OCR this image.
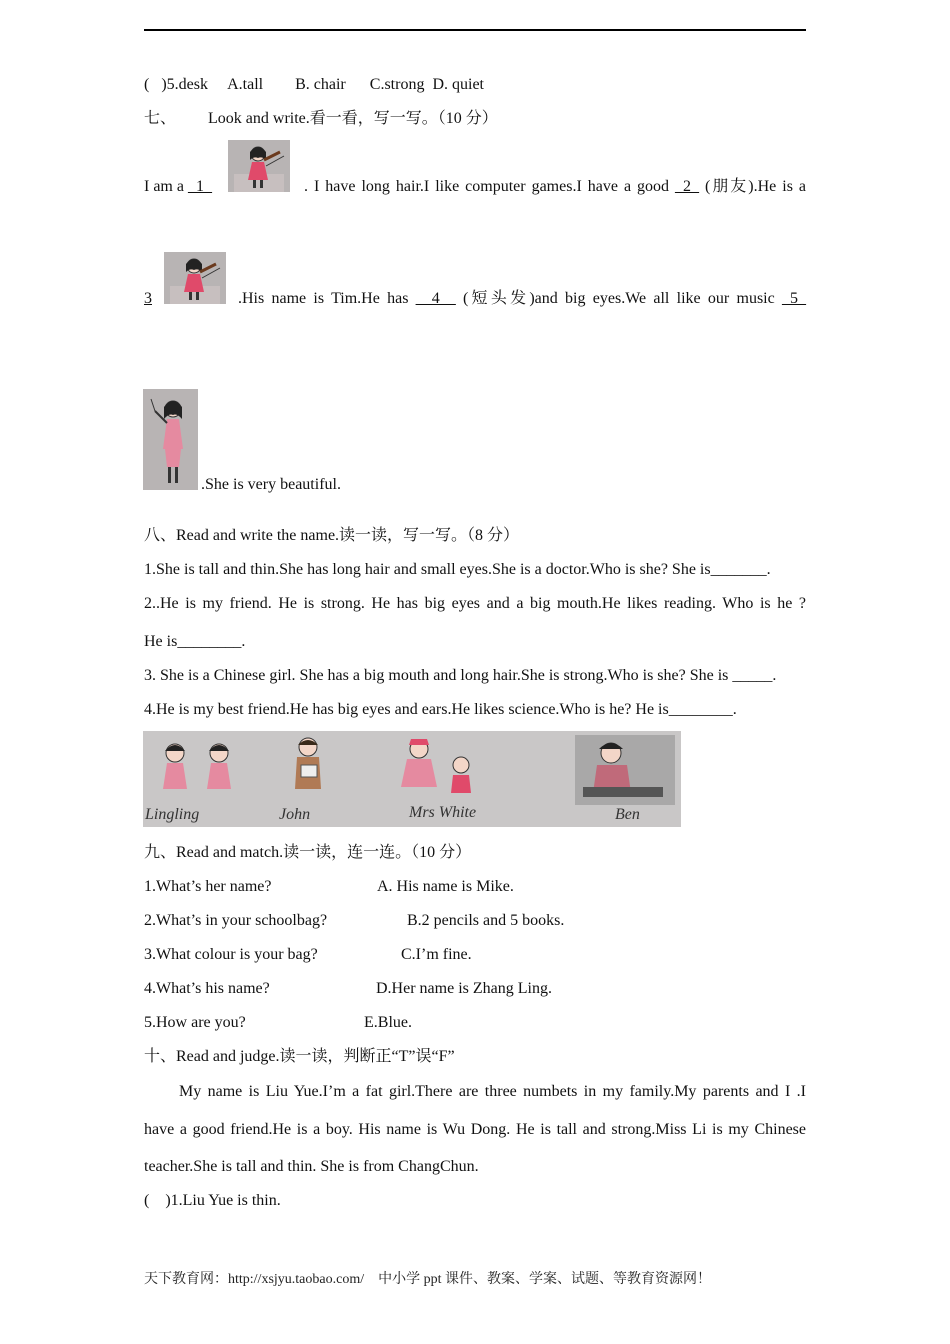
( )5.desk A.tall B. chair C.strong D. quiet
七、 Look and write.看一看，写一写。（10 分）
I am a _1_	. I have long hair.I like computer games.I have a good _2_ (朋友).He is a
3	.His name is Tim.He has __4__ (短头发)and big eyes.We all like our music _5_
.She is very beautiful.
八、Read and write the name.读一读，写一写。（8 分）
1.She is tall and thin.She has long hair and small eyes.She is a doctor.Who is she? She is_______.
2..He is my friend. He is strong. He has big eyes and a big mouth.He likes reading. Who is he ?
He is________.
3. She is a Chinese girl. She has a big mouth and long hair.She is strong.Who is she? She is _____.
4.He is my best friend.He has big eyes and ears.He likes science.Who is he? He is________.
Lingling	John	Mrs White	Ben
九、Read and match.读一读，连一连。（10 分）
1.What’s her name?	A. His name is Mike.
2.What’s in your schoolbag?	B.2 pencils and 5 books.
3.What colour is your bag?	C.I’m fine.
4.What’s his name?	D.Her name is Zhang Ling.
5.How are you?	E.Blue.
十、Read and judge.读一读，判断正“T”误“F”
My name is Liu Yue.I’m a fat girl.There are three numbets in my family.My parents and I .I
have a good friend.He is a boy. His name is Wu Dong. He is tall and strong.Miss Li is my Chinese
teacher.She is tall and thin. She is from ChangChun.
(    )1.Liu Yue is thin.
天下教育网：http://xsjyu.taobao.com/    中小学 ppt 课件、教案、学案、试题、等教育资源网！
